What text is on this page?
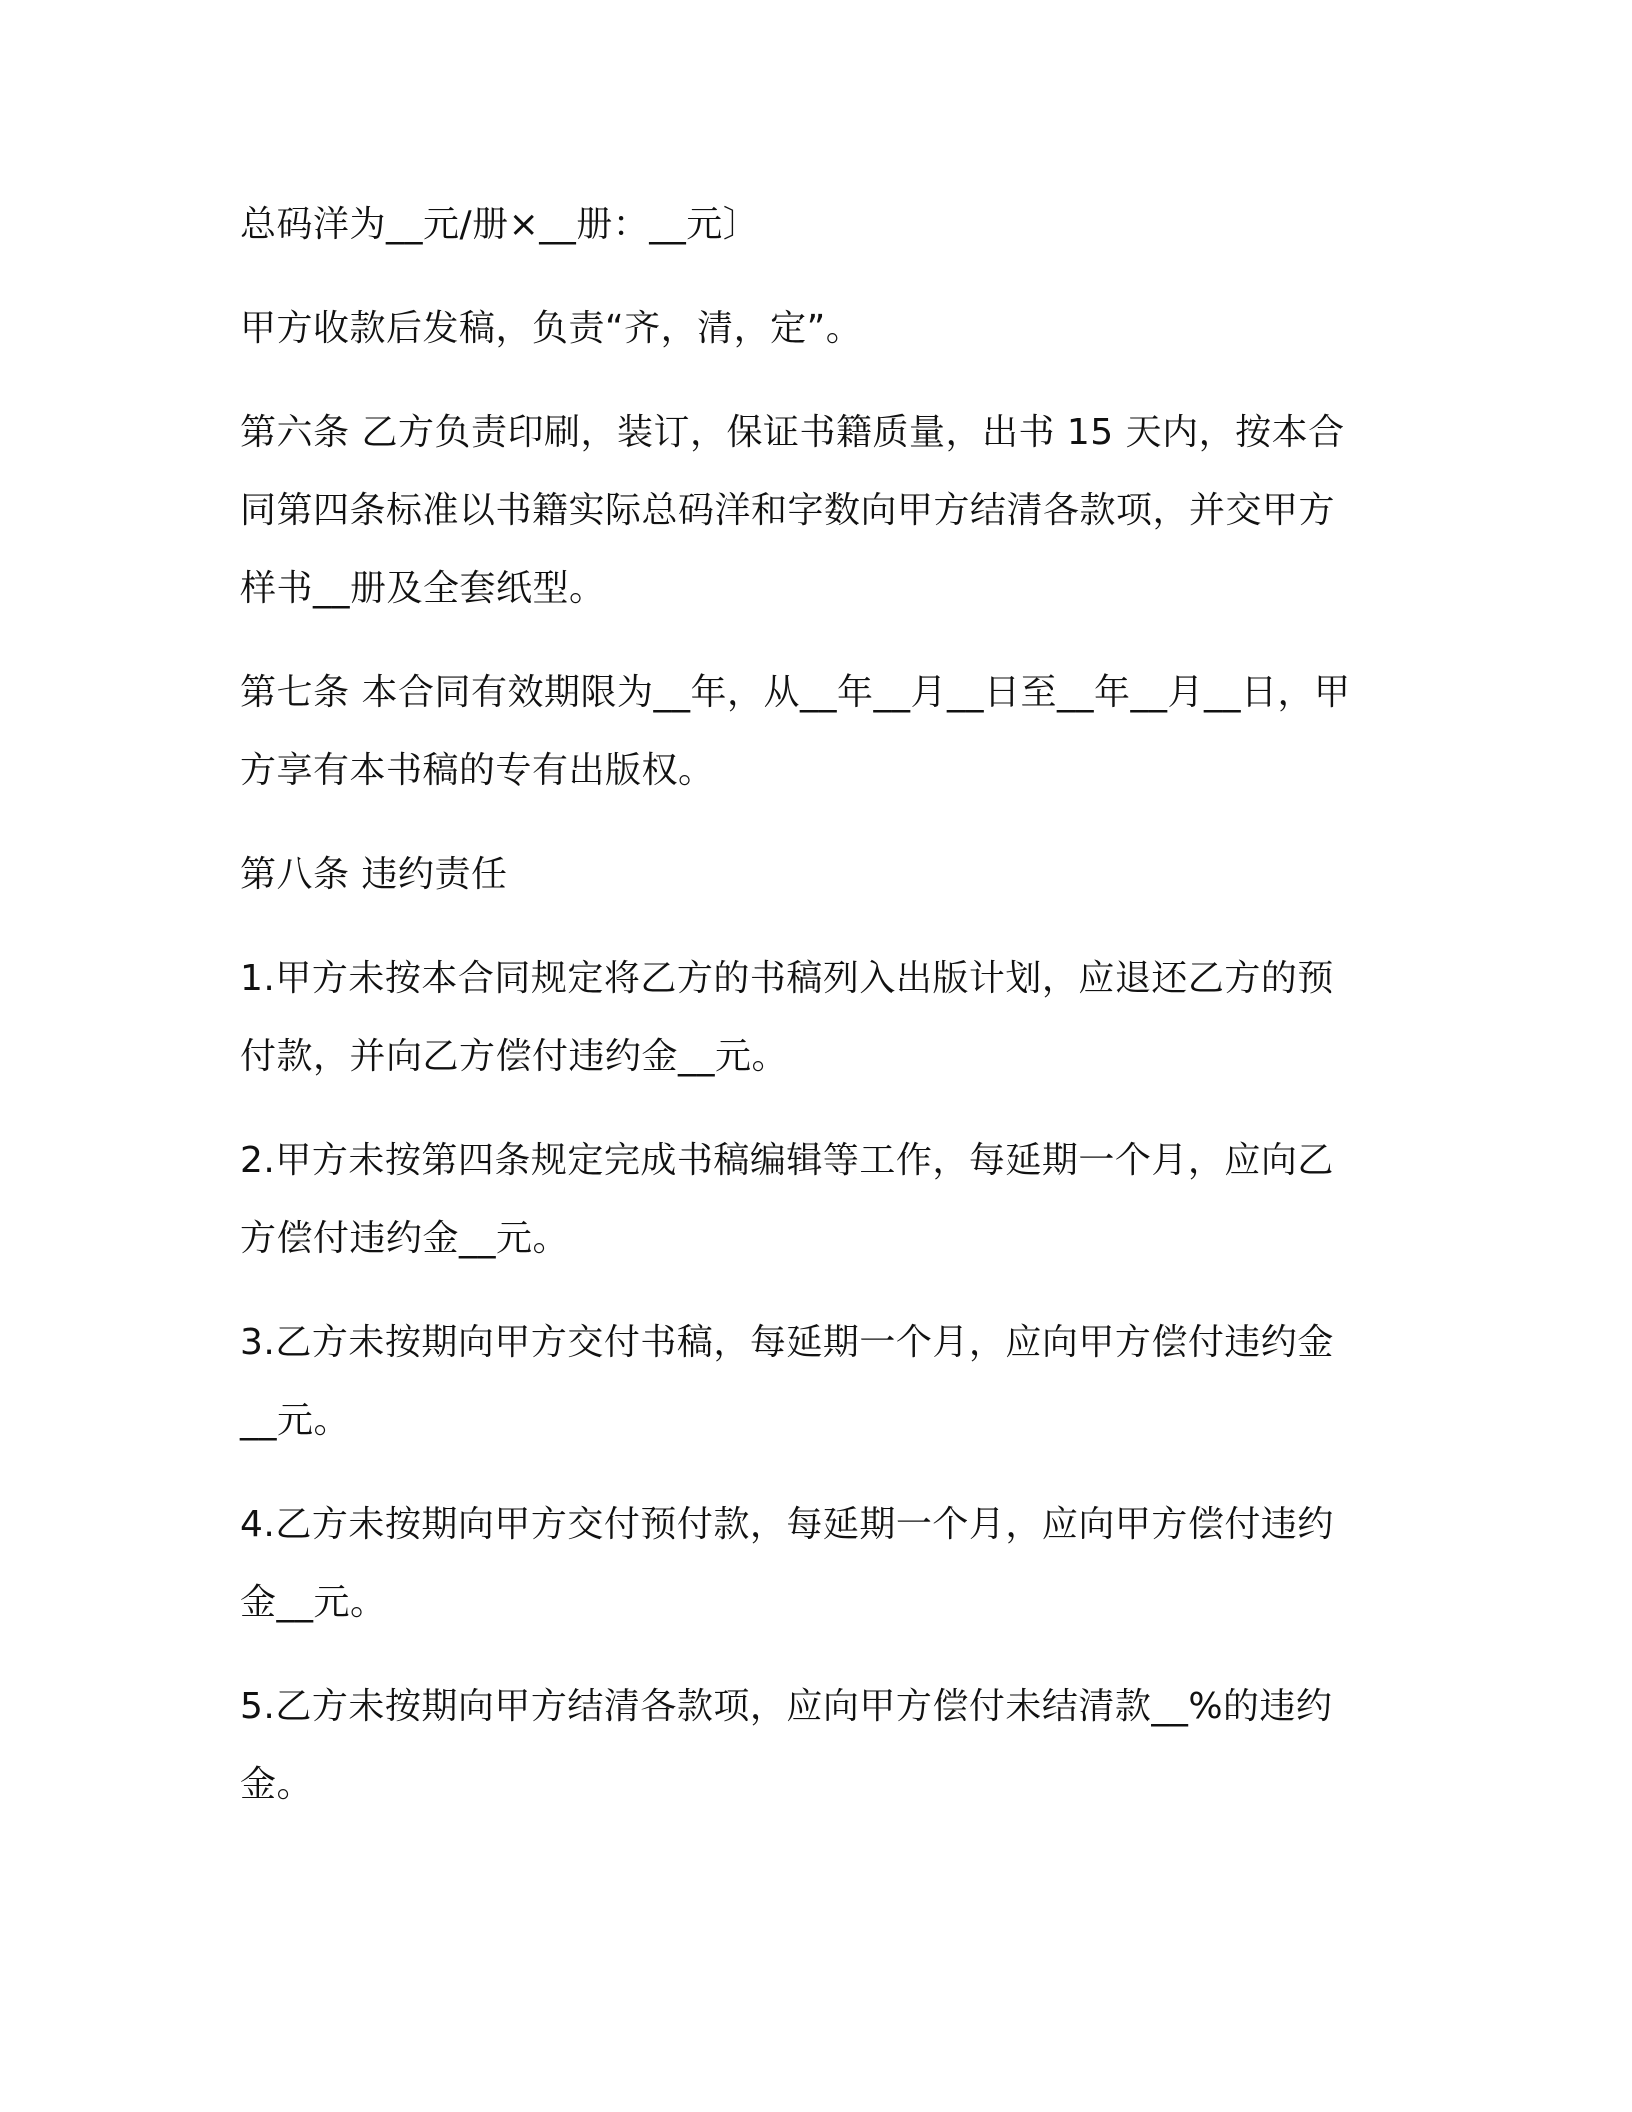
总码洋为__元/册×__册：__元〕

甲方收款后发稿，负责“齐，清，定”。

第六条 乙方负责印刷，装订，保证书籍质量，出书 15 天内，按本合同第四条标准以书籍实际总码洋和字数向甲方结清各款项，并交甲方样书__册及全套纸型。

第七条 本合同有效期限为__年，从__年__月__日至__年__月__日，甲方享有本书稿的专有出版权。

第八条 违约责任

1.甲方未按本合同规定将乙方的书稿列入出版计划，应退还乙方的预付款，并向乙方偿付违约金__元。

2.甲方未按第四条规定完成书稿编辑等工作，每延期一个月，应向乙方偿付违约金__元。

3.乙方未按期向甲方交付书稿，每延期一个月，应向甲方偿付违约金__元。

4.乙方未按期向甲方交付预付款，每延期一个月，应向甲方偿付违约金__元。

5.乙方未按期向甲方结清各款项，应向甲方偿付未结清款__%的违约金。
